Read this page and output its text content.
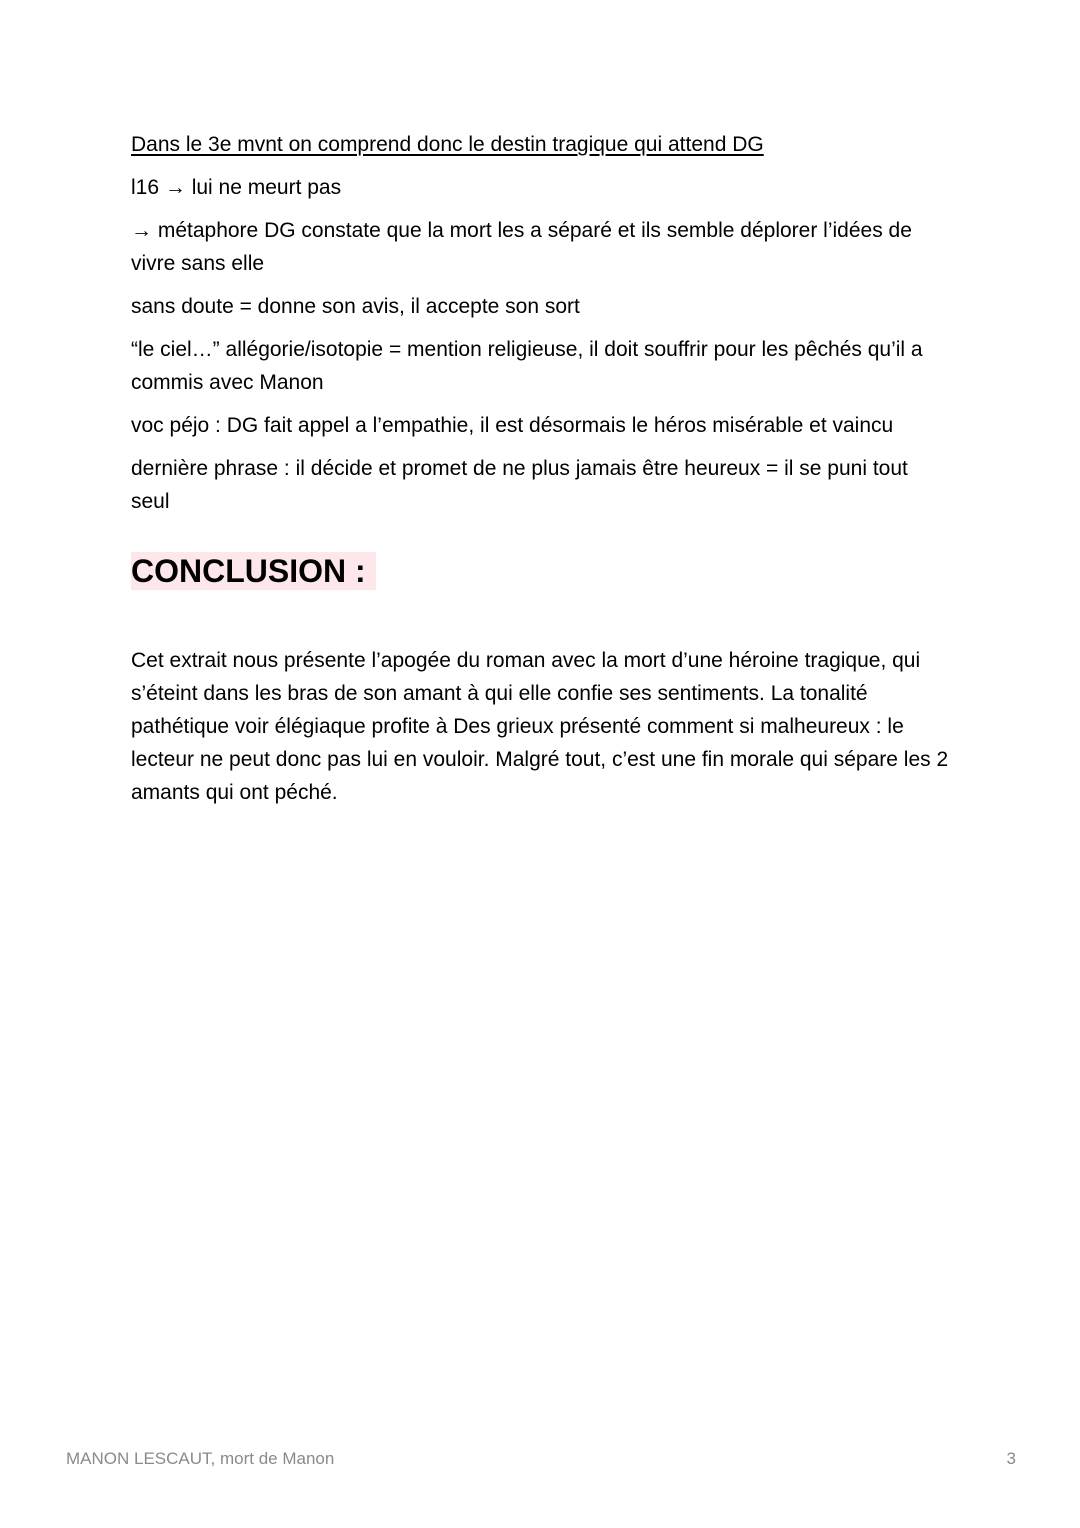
Dans le 3e mvnt on comprend donc le destin tragique qui attend DG

l16 → lui ne meurt pas

→ métaphore DG constate que la mort les a séparé et ils semble déplorer l’idées de vivre sans elle

sans doute = donne son avis, il accepte son sort

“le ciel…” allégorie/isotopie = mention religieuse, il doit souffrir pour les pêchés qu’il a commis avec Manon

voc péjo : DG fait appel a l’empathie, il est désormais le héros misérable et vaincu

dernière phrase : il décide et promet de ne plus jamais être heureux = il se puni tout seul

CONCLUSION :

Cet extrait nous présente l’apogée du roman avec la mort d’une héroine tragique, qui s’éteint dans les bras de son amant à qui elle confie ses sentiments. La tonalité pathétique voir élégiaque profite à Des grieux présenté comment si malheureux : le lecteur ne peut donc pas lui en vouloir. Malgré tout, c’est une fin morale qui sépare les 2 amants qui ont péché.

MANON LESCAUT, mort de Manon	3
